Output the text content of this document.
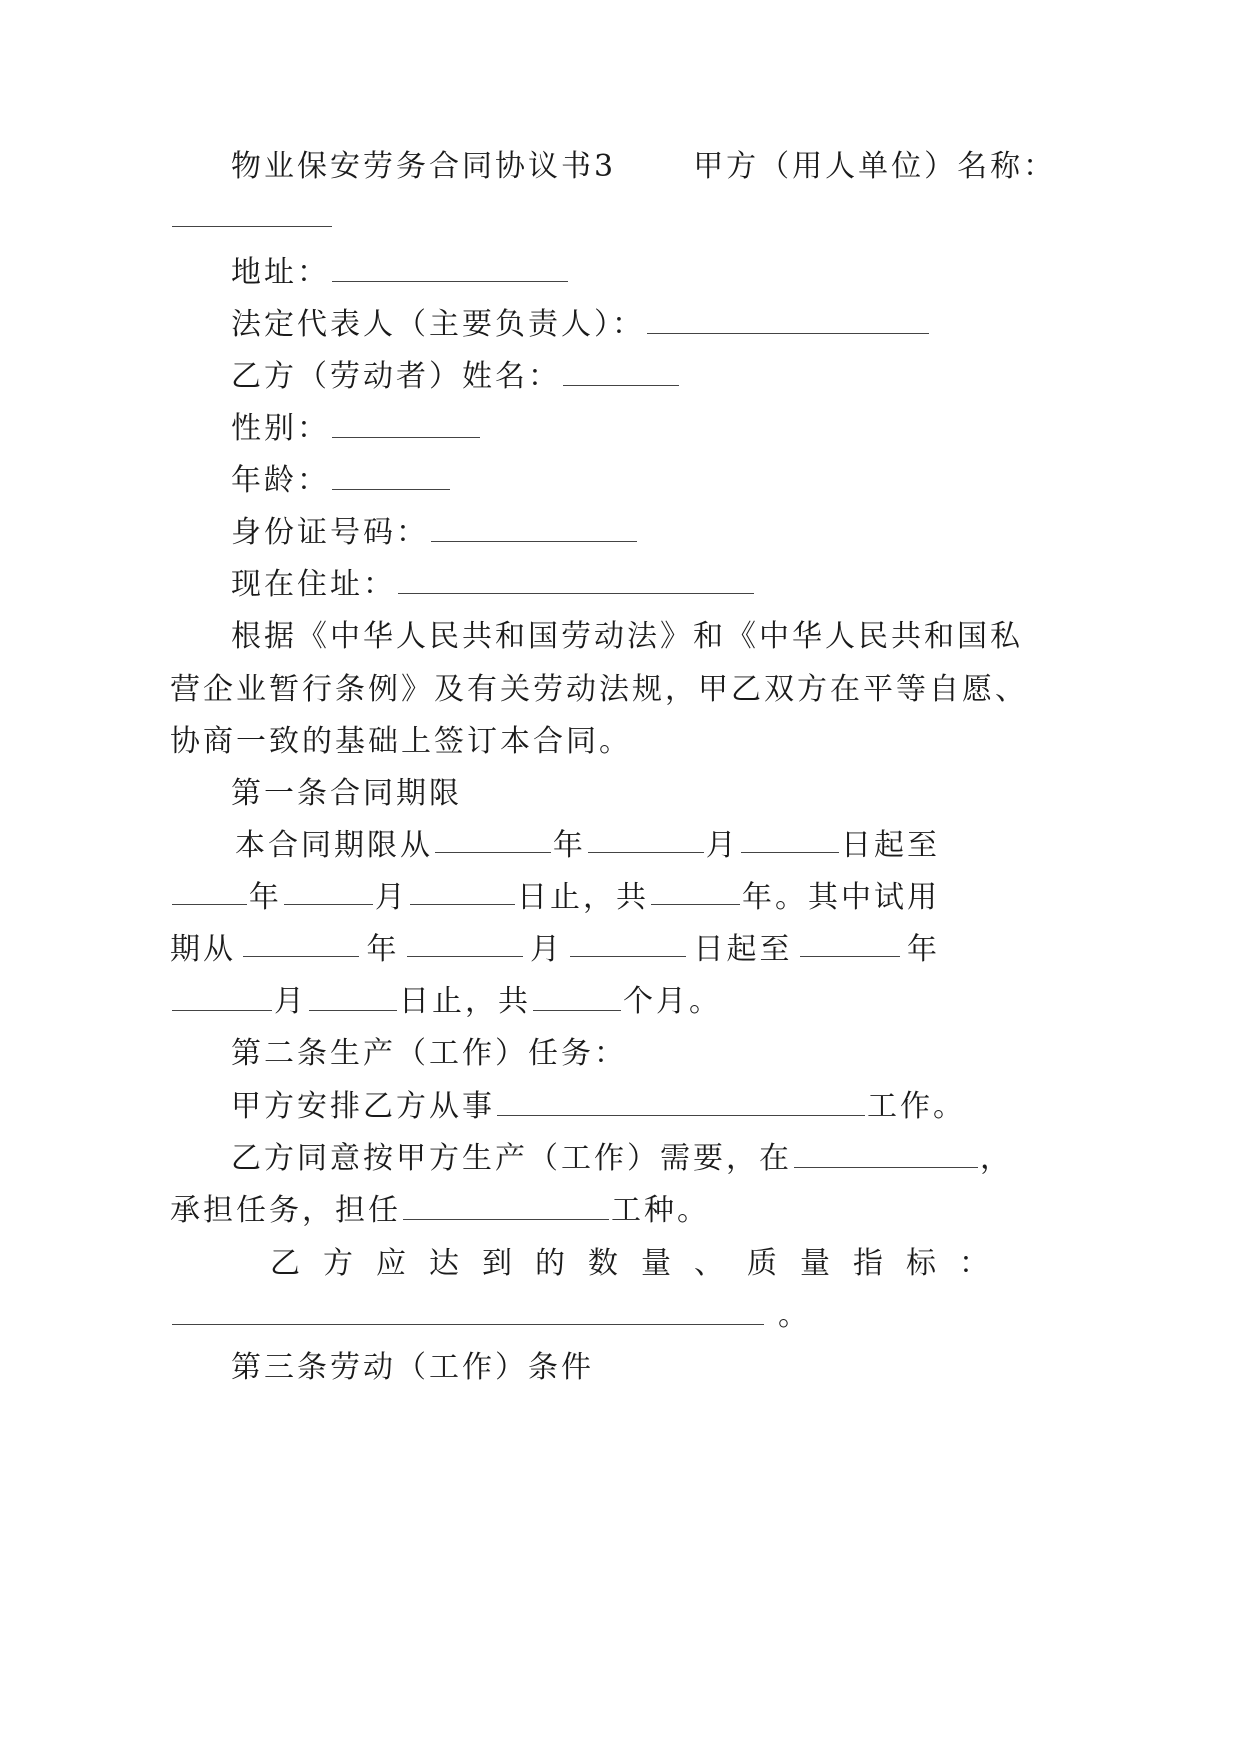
物业保安劳务合同协议书3	甲方（用人单位）名称：
地址：
法定代表人（主要负责人）：
乙方（劳动者）姓名：
性别：
年龄：
身份证号码：
现在住址：
根据《中华人民共和国劳动法》和《中华人民共和国私
营企业暂行条例》及有关劳动法规，甲乙双方在平等自愿、
协商一致的基础上签订本合同。
第一条合同期限
本合同期限从	年	月	日起至
年	月	日止，共	年。其中试用
期从	年	月	日起至	年
月	日止，共	个月。
第二条生产（工作）任务：
甲方安排乙方从事	工作。
乙方同意按甲方生产（工作）需要，在	，
承担任务，担任	工种。
乙方应达到的数量、质量指标：
。
第三条劳动（工作）条件
